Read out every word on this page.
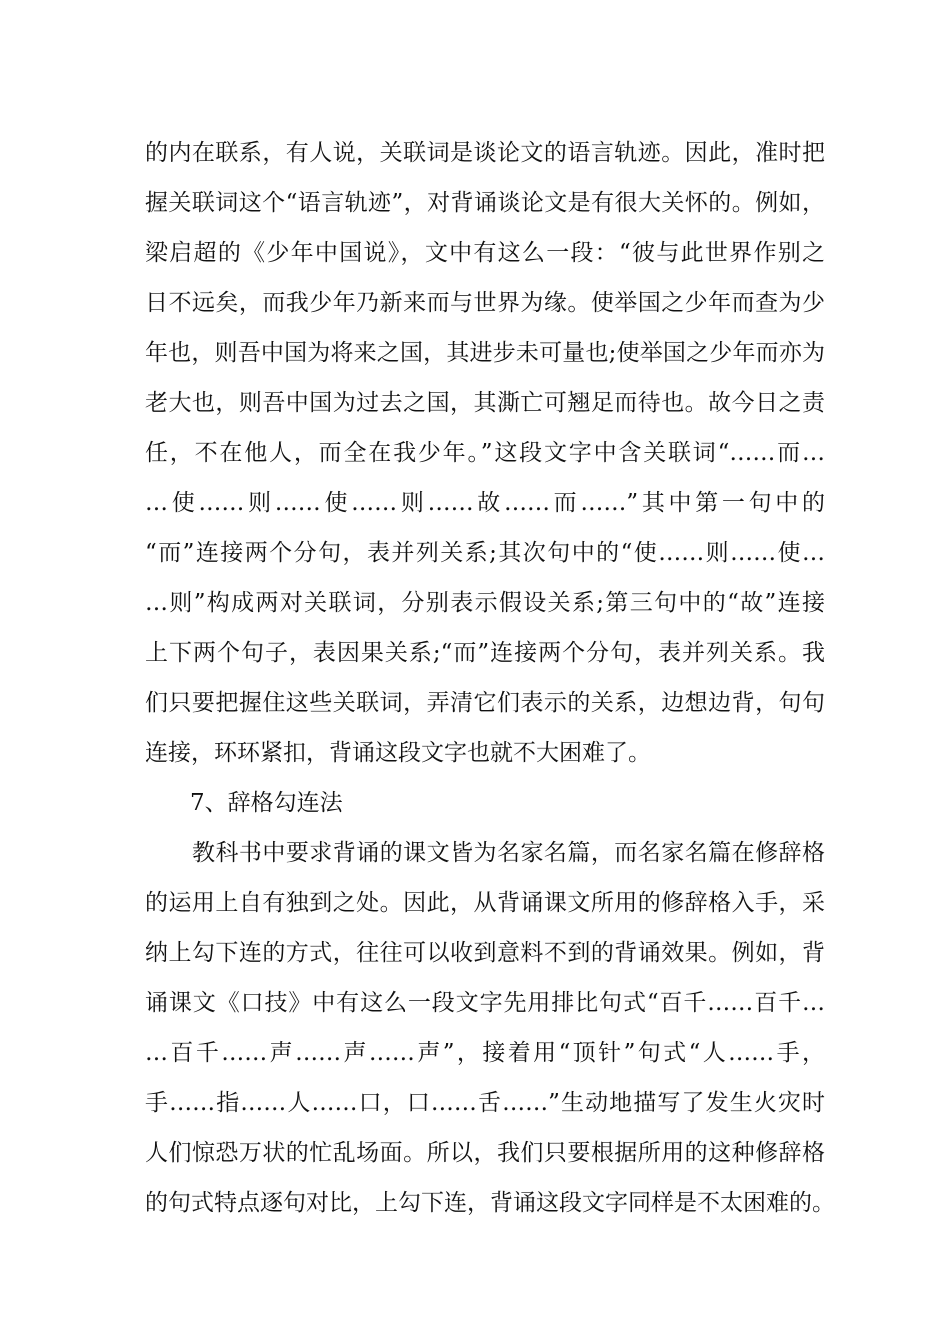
的内在联系，有人说，关联词是谈论文的语言轨迹。因此，准时把
握关联词这个“语言轨迹”，对背诵谈论文是有很大关怀的。例如，
梁启超的《少年中国说》，文中有这么一段：“彼与此世界作别之
日不远矣，而我少年乃新来而与世界为缘。使举国之少年而查为少
年也，则吾中国为将来之国，其进步未可量也;使举国之少年而亦为
老大也，则吾中国为过去之国，其澌亡可翘足而待也。故今日之责
任，不在他人，而全在我少年。”这段文字中含关联词“……而…
…使……则……使……则……故……而……”其中第一句中的
“而”连接两个分句，表并列关系;其次句中的“使……则……使…
…则”构成两对关联词，分别表示假设关系;第三句中的“故”连接
上下两个句子，表因果关系;“而”连接两个分句，表并列关系。我
们只要把握住这些关联词，弄清它们表示的关系，边想边背，句句
连接，环环紧扣，背诵这段文字也就不大困难了。
7、辞格勾连法
教科书中要求背诵的课文皆为名家名篇，而名家名篇在修辞格
的运用上自有独到之处。因此，从背诵课文所用的修辞格入手，采
纳上勾下连的方式，往往可以收到意料不到的背诵效果。例如，背
诵课文《口技》中有这么一段文字先用排比句式“百千……百千…
…百千……声……声……声”，接着用“顶针”句式“人……手，
手……指……人……口，口……舌……”生动地描写了发生火灾时
人们惊恐万状的忙乱场面。所以，我们只要根据所用的这种修辞格
的句式特点逐句对比，上勾下连，背诵这段文字同样是不太困难的。
